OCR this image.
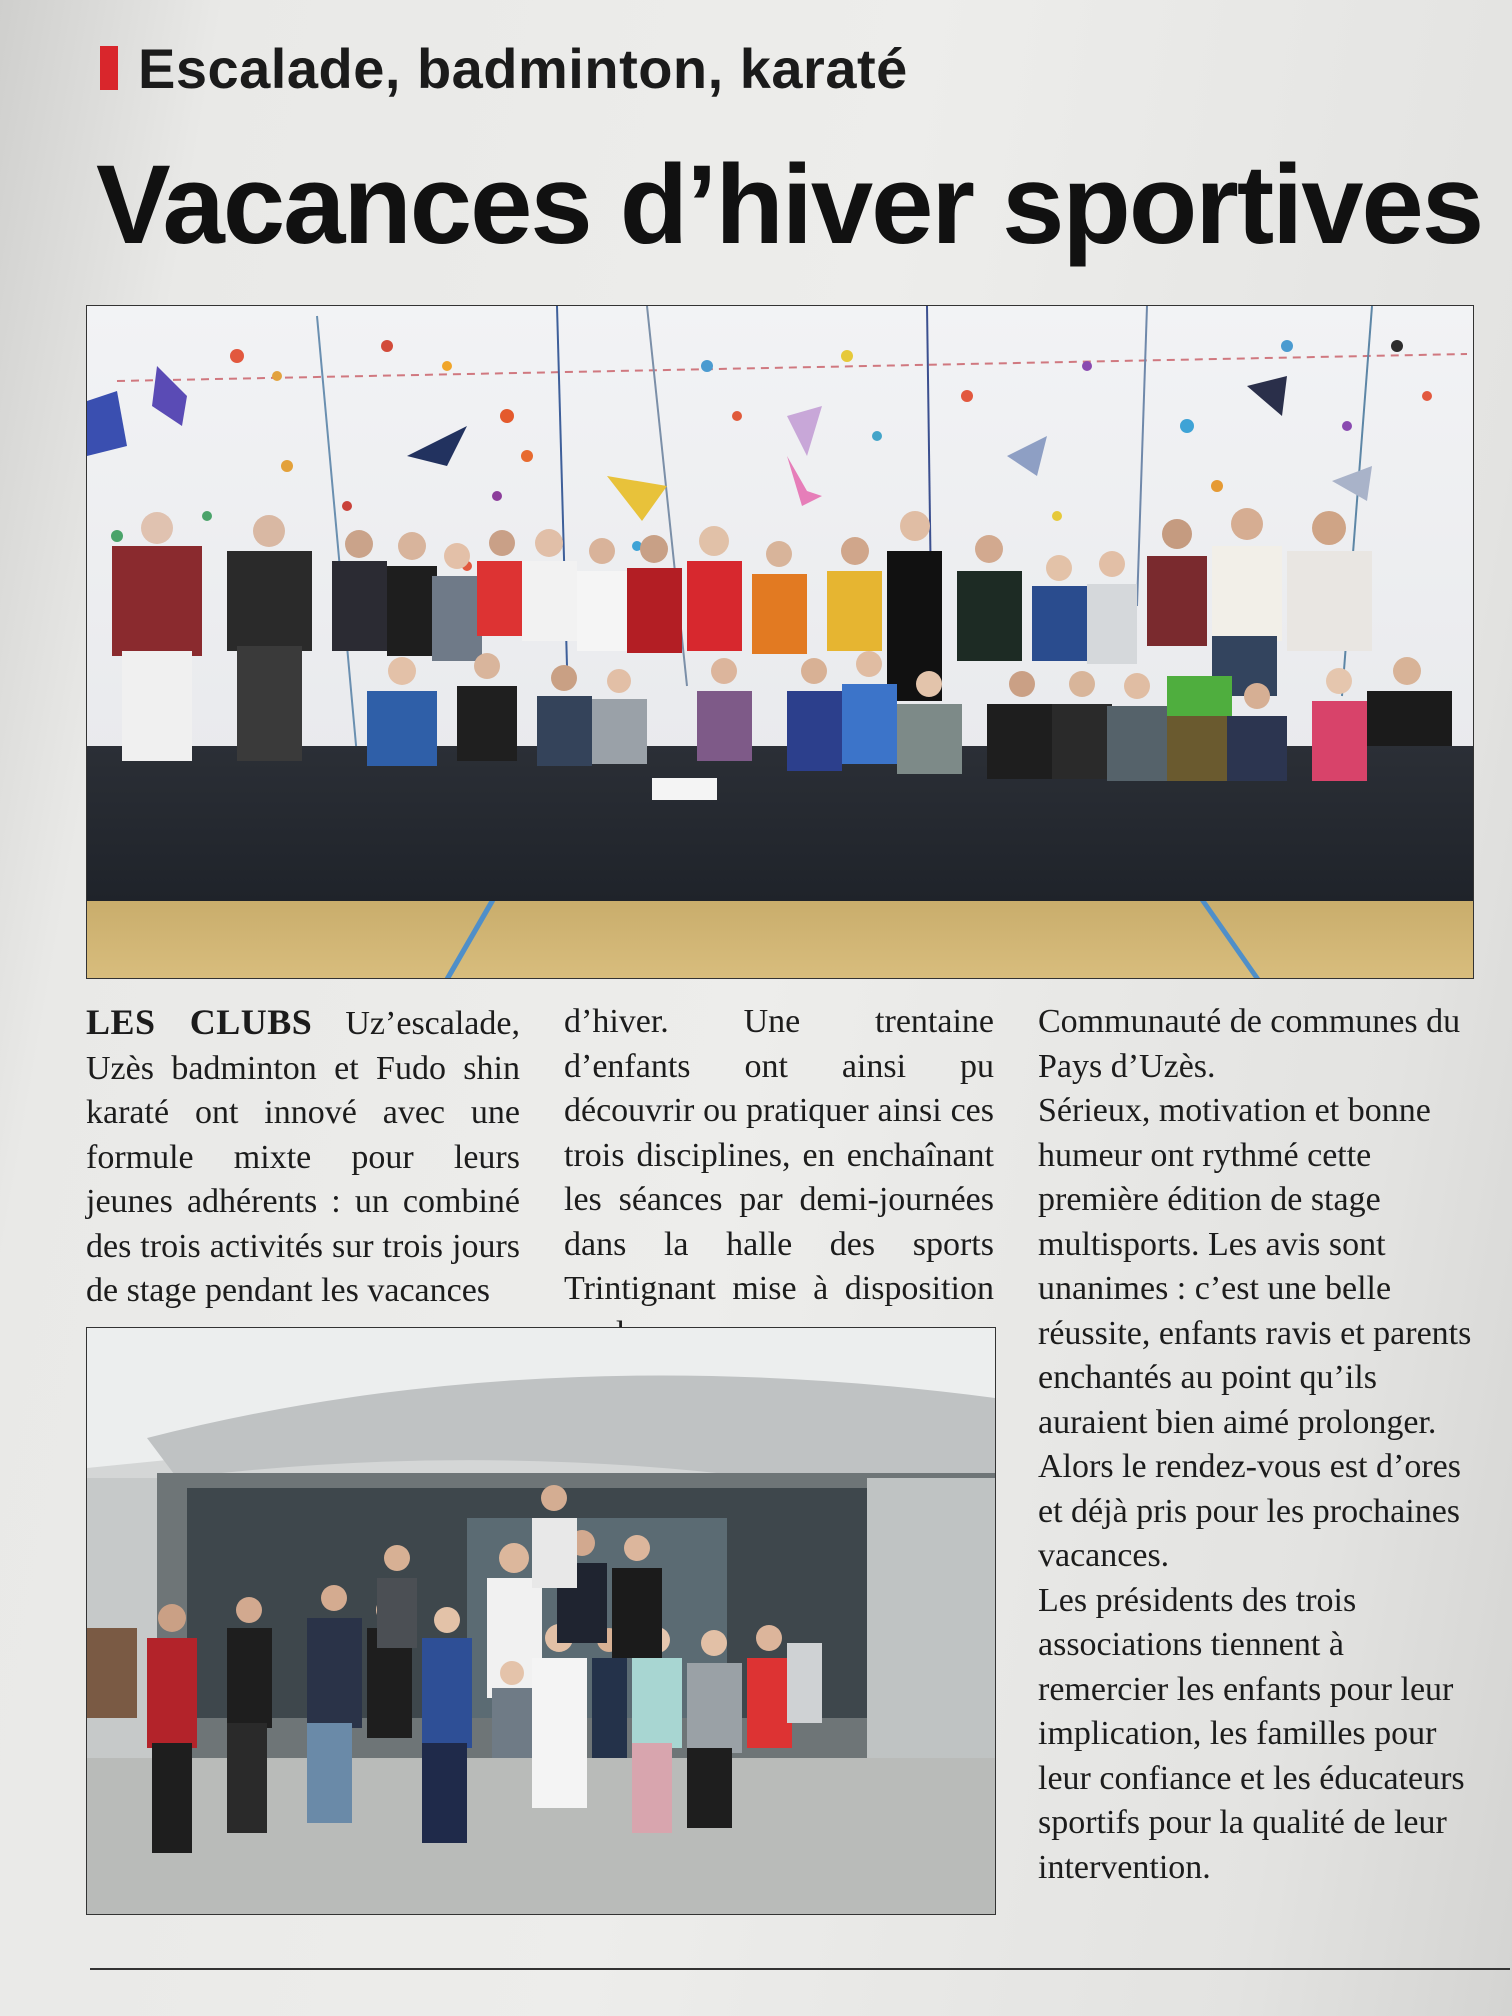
Escalade, badminton, karaté
Vacances d’hiver sportives

LES CLUBS Uz’escalade, Uzès badminton et Fudo shin karaté ont innové avec une formule mixte pour leurs jeunes adhérents : un combiné des trois activités sur trois jours de stage pendant les vacances

d’hiver. Une trentaine d’enfants ont ainsi pu découvrir ou pratiquer ainsi ces trois disciplines, en enchaînant les séances par demi-journées dans la halle des sports Trintignant mise à disposition

Communauté de communes du Pays d’Uzès.

Sérieux, motivation et bonne humeur ont rythmé cette première édition de stage multisports. Les avis sont unanimes : c’est une belle réussite, enfants ravis et parents enchantés au point qu’ils auraient bien aimé prolonger. Alors le rendez-vous est d’ores et déjà pris pour les prochaines vacances.

Les présidents des trois associations tiennent à remercier les enfants pour leur implication, les familles pour leur confiance et les éducateurs sportifs pour la qualité de leur intervention.
